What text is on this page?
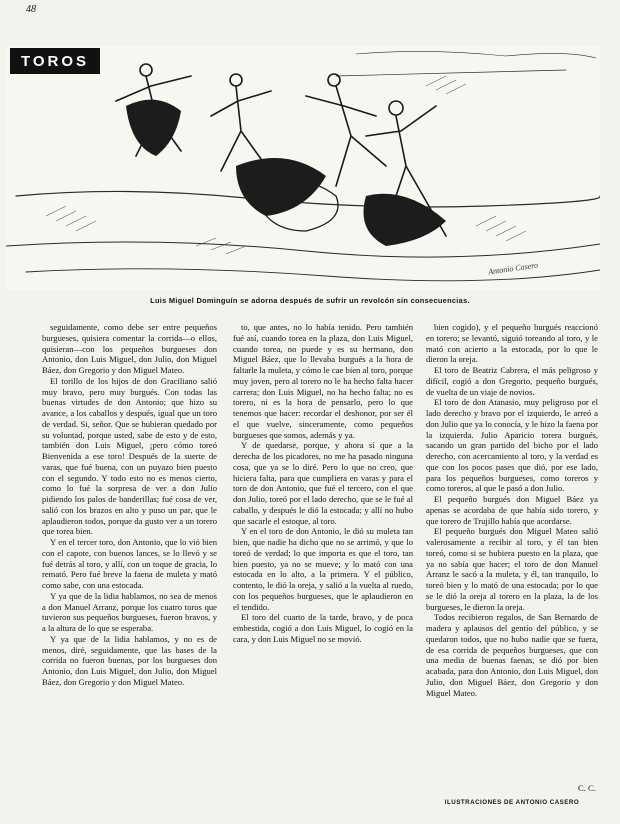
48
TOROS
Antonio Casero
Luis Miguel Dominguín se adorna después de sufrir un revolcón sin consecuencias.

seguidamente, como debe ser entre pequeños burgueses, quisiera comentar la corrida—o ellos, quisieran—con los pequeños burgueses don Antonio, don Luis Miguel, don Julio, don Miguel Báez, don Gregorio y don Miguel Mateo.

El torillo de los hijos de don Graciliano salió muy bravo, pero muy burgués. Con todas las buenas virtudes de don Antonio; que hizo su avance, a los caballos y después, igual que un toro de verdad. Si, señor. Que se hubieran quedado por su voluntad, porque usted, sabe de esto y de esto, también don Luis Miguel, ¡pero cómo toreó Bienvenida a ese toro! Después de la suerte de varas, que fué buena, con un puyazo bien puesto con el segundo. Y todo esto no es menos cierto, como lo fué la sorpresa de ver a don Julio pidiendo los palos de banderillas; fué cosa de ver, salió con los brazos en alto y puso un par, que le aplaudieron todos, porque da gusto ver a un torero que torea bien.

Y en el tercer toro, don Antonio, que lo vió bien con el capote, con buenos lances, se lo llevó y se fué detrás al toro, y allí, con un toque de gracia, lo remató. Pero fué breve la faena de muleta y mató como sabe, con una estocada.

Y ya que de la lidia hablamos, no sea de menos a don Manuel Arranz, porque los cuatro toros que tuvieron sus pequeños burgueses, fueron bravos, y a la altura de lo que se esperaba.

Y ya que de la lidia hablamos, y no es de menos, diré, seguidamente, que las bases de la corrida no fueron buenas, por los burgueses don Antonio, don Luis Miguel, don Julio, don Miguel Báez, don Gregorio y don Miguel Mateo.

to, que antes, no lo había tenido. Pero también fué así, cuando torea en la plaza, don Luis Miguel, cuando torea, no puede y es su hermano, don Miguel Báez, que lo llevaba burgués a la hora de faltarle la muleta, y cómo le cae bien al toro, porque muy joven, pero al torero no le ha hecho falta hacer carrera; don Luis Miguel, no ha hecho falta; no es torero, ni es la hora de pensarlo, pero lo que tenemos que hacer: recordar el deshonor, por ser él el que vuelve, sinceramente, como pequeños burgueses que somos, además y ya.

Y de quedarse, porque, y ahora sí que a la derecha de los picadores, no me ha pasado ninguna cosa, que ya se lo diré. Pero lo que no creo, que hiciera falta, para que cumpliera en varas y para el toro de don Antonio, que fué el tercero, con el que don Julio, toreó por el lado derecho, que se le fué al caballo, y después le dió la estocada; y allí no hubo que sacarle el estoque, al toro.

Y en el toro de don Antonio, le dió su muleta tan bien, que nadie ha dicho que no se arrimó, y que lo toreó de verdad; lo que importa es que el toro, tan bien puesto, ya no se mueve; y lo mató con una estocada en lo alto, a la primera. Y el público, contento, le dió la oreja, y salió a la vuelta al ruedo, con los pequeños burgueses, que le aplaudieron en el tendido.

El toro del cuarto de la tarde, bravo, y de poca embestida, cogió a don Luis Miguel, lo cogió en la cara, y don Luis Miguel no se movió.

bien cogido), y el pequeño burgués reaccionó en torero; se levantó, siguió toreando al toro, y le mató con acierto a la estocada, por lo que le dieron la oreja.

El toro de Beatriz Cabrera, el más peligroso y difícil, cogió a don Gregorio, pequeño burgués, de vuelta de un viaje de novios.

El toro de don Atanasio, muy peligroso por el lado derecho y bravo por el izquierdo, le arreó a don Julio que ya lo conocía, y le hizo la faena por la izquierda. Julio Aparicio torera burgués, sacando un gran partido del bicho por el lado derecho, con acercamiento al toro, y la verdad es que con los pocos pases que dió, por ese lado, para los pequeños burgueses, como toreros y como toreros, al que le pasó a don Julio.

El pequeño burgués don Miguel Báez ya apenas se acordaba de que había sido torero, y que torero de Trujillo había que acordarse.

El pequeño burgués don Miguel Mateo salió valerosamente a recibir al toro, y él tan bien toreó, como si se hubiera puesto en la plaza, que ya no sabía que hacer; el toro de don Manuel Arranz le sacó a la muleta, y él, tan tranquilo, lo toreó bien y lo mató de una estocada; por lo que se le dió la oreja al torero en la plaza, la de los burgueses, le dieron la oreja.

Todos recibieron regalos, de San Bernardo de madera y aplausos del gentío del público, y se quedaron todos, que no hubo nadie que se fuera, de esa corrida de pequeños burgueses, que con una media de buenas faenas, se dió por bien acabada, para don Antonio, don Luis Miguel, don Julio, don Miguel Báez, don Gregorio y don Miguel Mateo.

C. C.
ILUSTRACIONES DE ANTONIO CASERO
